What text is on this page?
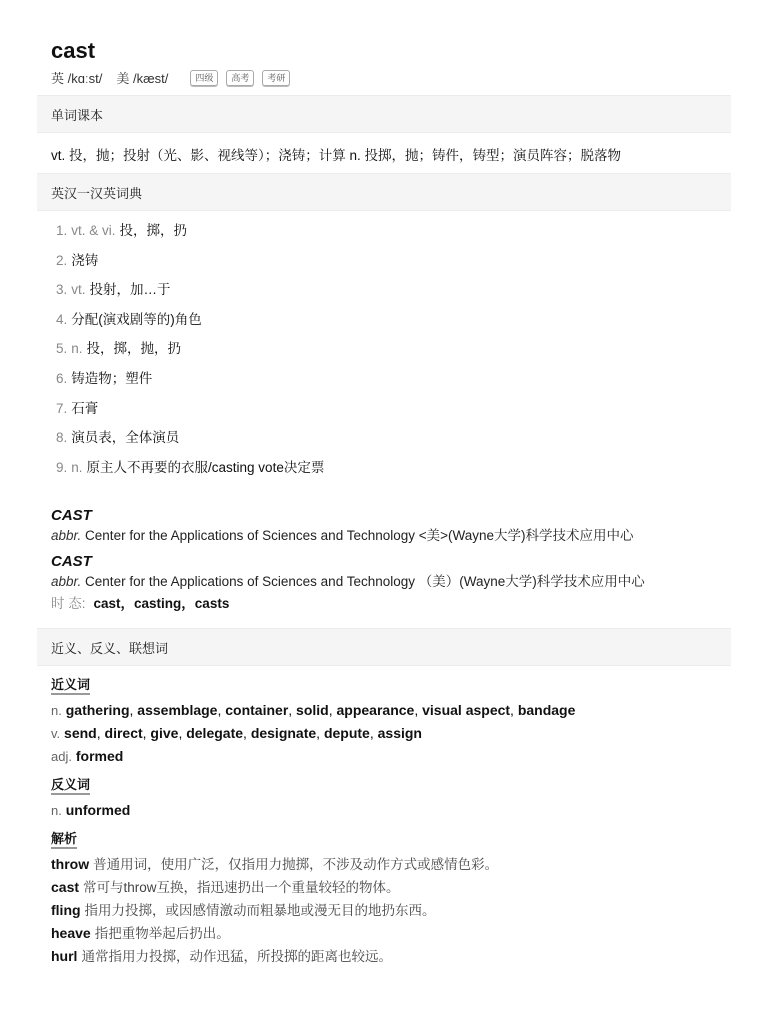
cast
英 /kɑːst/ 美 /kæst/	四级	高考	考研
单词课本
vt. 投，抛；投射（光、影、视线等）；浇铸；计算 n. 投掷，抛；铸件，铸型；演员阵容；脱落物
英汉一汉英词典
1. vt. & vi. 投，掷，扔
2. 浇铸
3. vt. 投射，加…于
4. 分配(演戏剧等的)角色
5. n. 投，掷，抛，扔
6. 铸造物；塑件
7. 石膏
8. 演员表，全体演员
9. n. 原主人不再要的衣服/casting vote决定票
CAST
abbr. Center for the Applications of Sciences and Technology <美>(Wayne大学)科学技术应用中心
CAST
abbr. Center for the Applications of Sciences and Technology （美）(Wayne大学)科学技术应用中心
时 态: cast，casting，casts
近义、反义、联想词
近义词
n. gathering, assemblage, container, solid, appearance, visual aspect, bandage
v. send, direct, give, delegate, designate, depute, assign
adj. formed
反义词
n. unformed
解析
throw 普通用词，使用广泛，仅指用力抛掷，不涉及动作方式或感情色彩。
cast 常可与throw互换，指迅速扔出一个重量较轻的物体。
fling 指用力投掷，或因感情激动而粗暴地或漫无目的地扔东西。
heave 指把重物举起后扔出。
hurl 通常指用力投掷，动作迅猛，所投掷的距离也较远。
